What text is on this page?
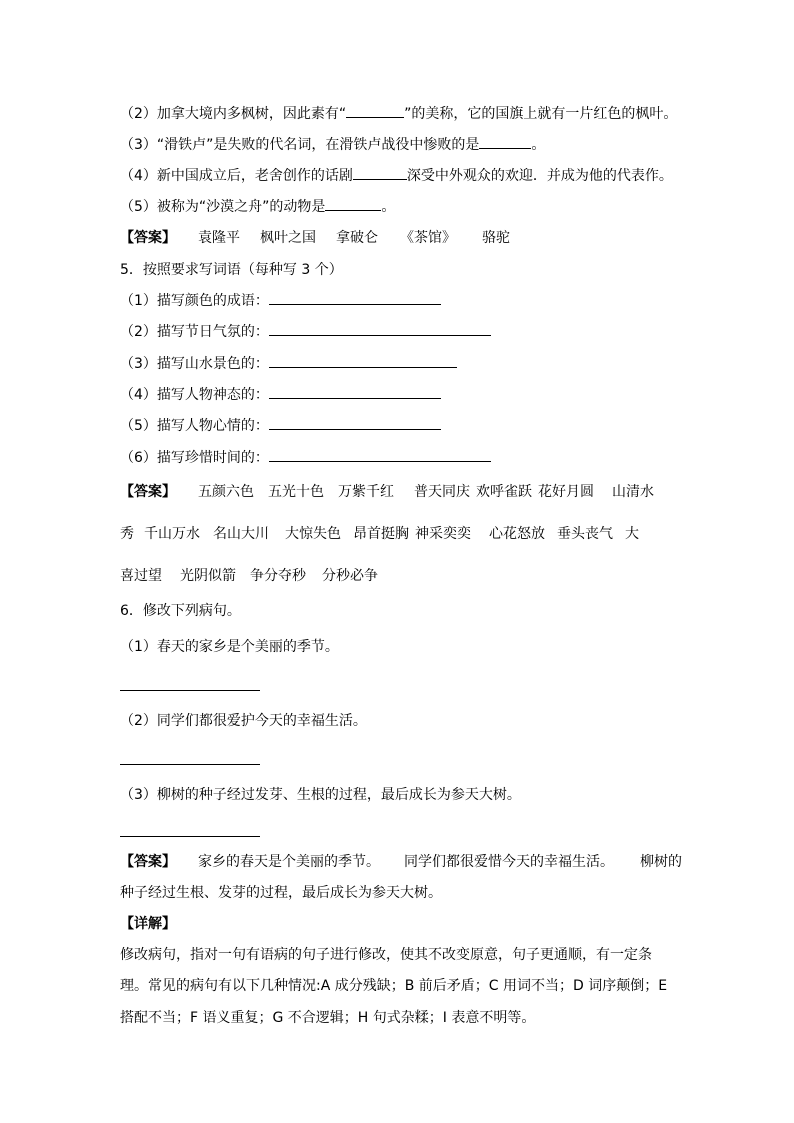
（2）加拿大境内多枫树，因此素有“	”的美称，它的国旗上就有一片红色的枫叶。
（3）“滑铁卢”是失败的代名词，在滑铁卢战役中惨败的是	。
（4）新中国成立后，老舍创作的话剧	深受中外观众的欢迎．并成为他的代表作。
（5）被称为“沙漠之舟”的动物是	。
【答案】 袁隆平 枫叶之国 拿破仑 《茶馆》 骆驼
5．按照要求写词语（每种写 3 个）
（1）描写颜色的成语：
（2）描写节日气氛的：
（3）描写山水景色的：
（4）描写人物神态的：
（5）描写人物心情的：
（6）描写珍惜时间的：
【答案】 五颜六色 五光十色 万紫千红 普天同庆 欢呼雀跃 花好月圆 山清水
秀 千山万水 名山大川 大惊失色 昂首挺胸 神采奕奕 心花怒放 垂头丧气 大
喜过望 光阴似箭 争分夺秒 分秒必争
6．修改下列病句。
（1）春天的家乡是个美丽的季节。
（2）同学们都很爱护今天的幸福生活。
（3）柳树的种子经过发芽、生根的过程，最后成长为参天大树。
【答案】 家乡的春天是个美丽的季节。 同学们都很爱惜今天的幸福生活。 柳树的
种子经过生根、发芽的过程，最后成长为参天大树。
【详解】
修改病句，指对一句有语病的句子进行修改，使其不改变原意，句子更通顺，有一定条
理。常见的病句有以下几种情况:A 成分残缺；B 前后矛盾；C 用词不当；D 词序颠倒；E
搭配不当；F 语义重复；G 不合逻辑；H 句式杂糅；I 表意不明等。
